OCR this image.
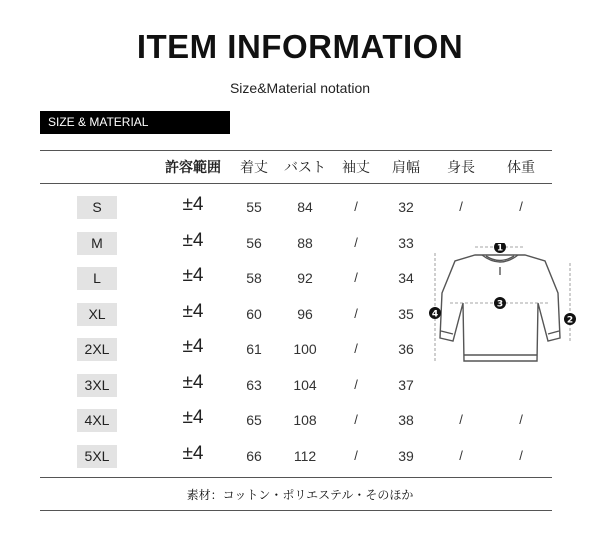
ITEM INFORMATION
Size&Material notation
SIZE & MATERIAL
許容範囲 着丈 バスト 袖丈 肩幅 身長 体重
S	±4	55	84	/	32	/	/
M	±4	56	88	/	33
L	±4	58	92	/	34
XL	±4	60	96	/	35
2XL	±4	61 100	/	36
3XL	±4	63 104	/	37
4XL	±4	65 108	/	38	/	/
5XL	±4	66 112	/	39	/	/
1
2
3
4
素材：コットン・ポリエステル・そのほか
